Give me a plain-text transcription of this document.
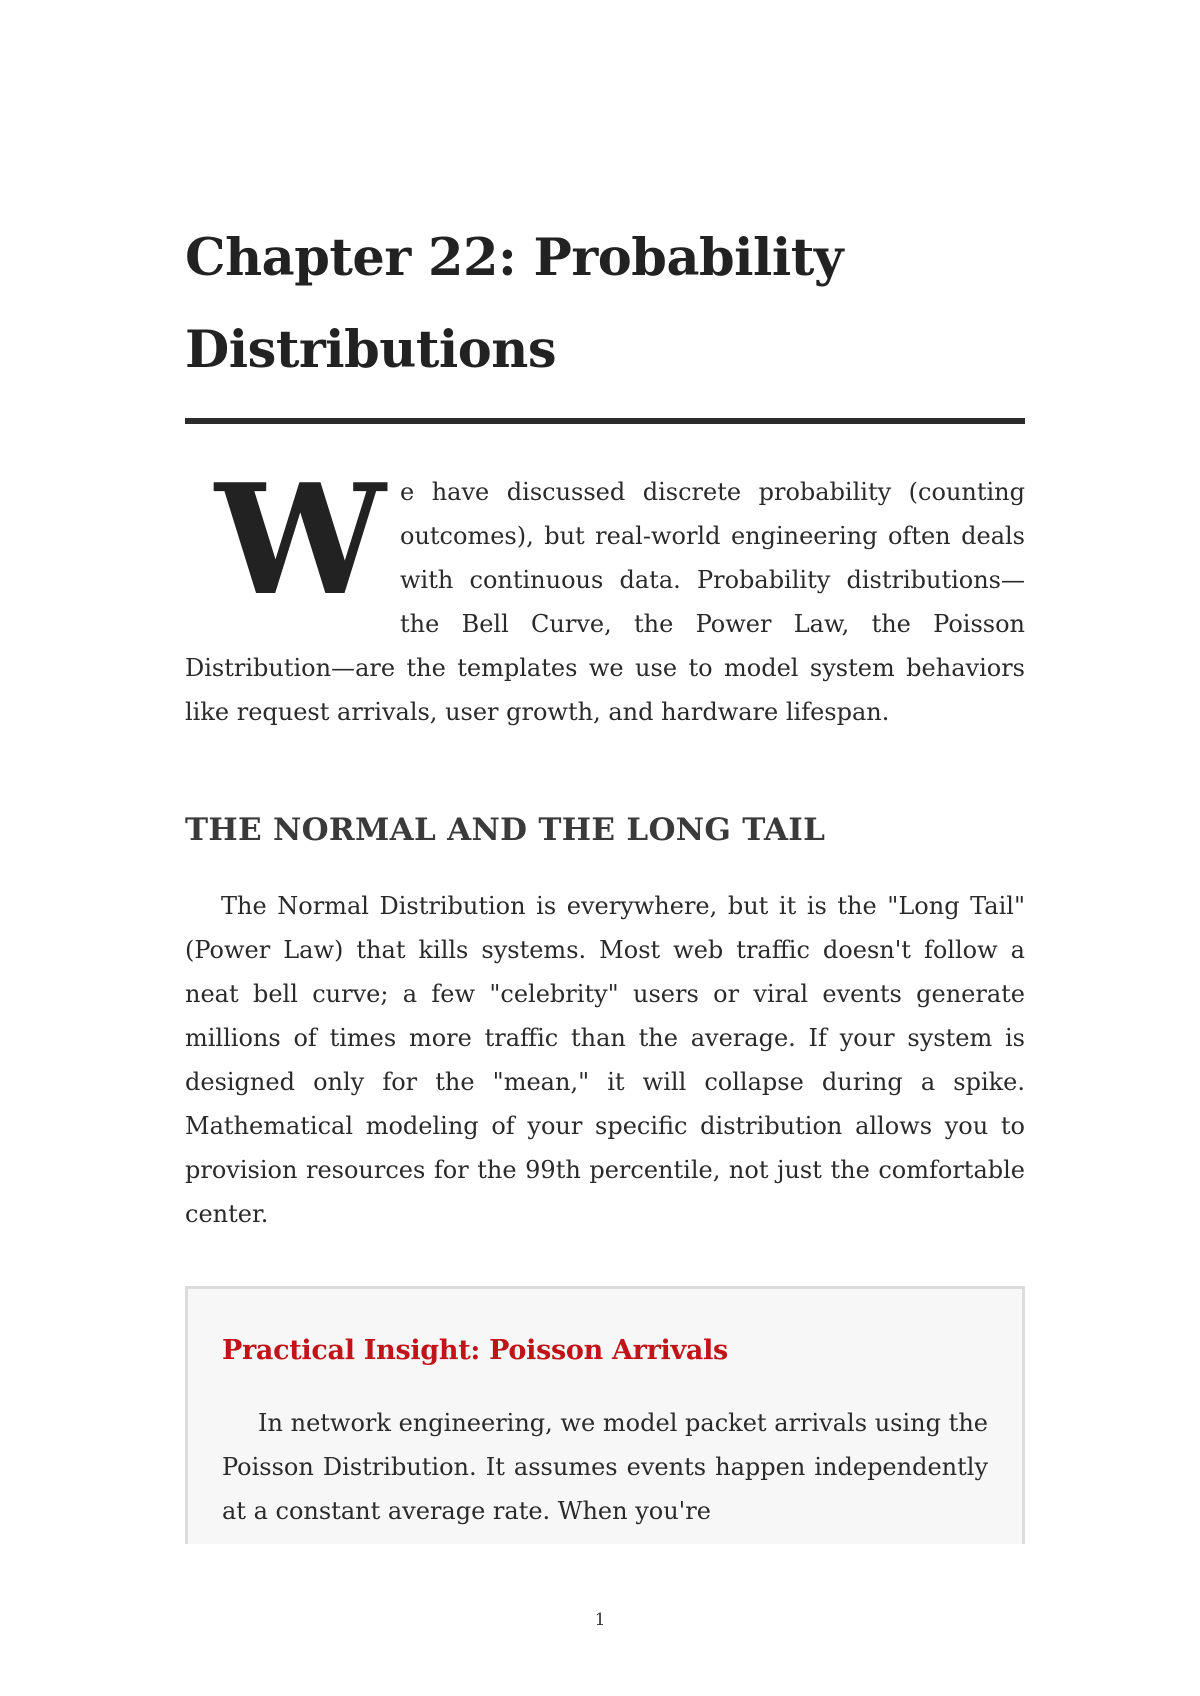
Chapter 22: Probability Distributions

W e have discussed discrete probability (counting outcomes), but real-world engineering often deals with continuous data. Probability distributions—the Bell Curve, the Power Law, the Poisson Distribution—are the templates we use to model system behaviors like request arrivals, user growth, and hardware lifespan.

THE NORMAL AND THE LONG TAIL

The Normal Distribution is everywhere, but it is the "Long Tail" (Power Law) that kills systems. Most web traffic doesn't follow a neat bell curve; a few "celebrity" users or viral events generate millions of times more traffic than the average. If your system is designed only for the "mean," it will collapse during a spike. Mathematical modeling of your specific distribution allows you to provision resources for the 99th percentile, not just the comfortable center.

Practical Insight: Poisson Arrivals

In network engineering, we model packet arrivals using the Poisson Distribution. It assumes events happen independently at a constant average rate. When you're

1
